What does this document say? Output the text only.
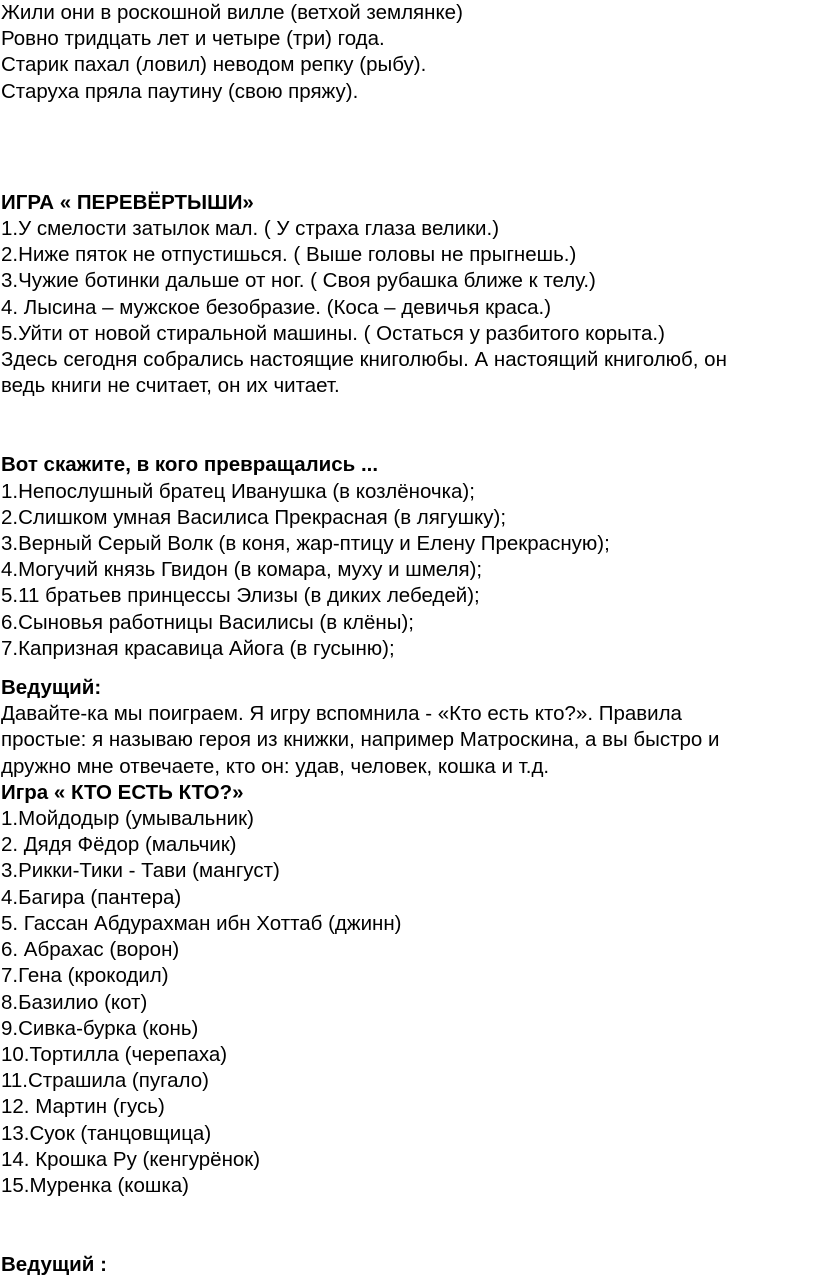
Жили они в роскошной вилле (ветхой землянке)
Ровно тридцать лет и четыре (три) года.
Старик пахал (ловил) неводом репку (рыбу).
Старуха пряла паутину (свою пряжу).
ИГРА « ПЕРЕВЁРТЫШИ»
1.У смелости затылок мал. ( У страха глаза велики.)
2.Ниже пяток не отпустишься. ( Выше головы не прыгнешь.)
3.Чужие ботинки дальше от ног. ( Своя рубашка ближе к телу.)
4. Лысина – мужское безобразие. (Коса – девичья краса.)
5.Уйти от новой стиральной машины. ( Остаться у разбитого корыта.)
Здесь сегодня собрались настоящие книголюбы. А настоящий книголюб, он
ведь книги не считает, он их читает.
Вот скажите, в кого превращались ...
1.Непослушный братец Иванушка (в козлёночка);
2.Слишком умная Василиса Прекрасная (в лягушку);
3.Верный Серый Волк (в коня, жар-птицу и Елену Прекрасную);
4.Могучий князь Гвидон (в комара, муху и шмеля);
5.11 братьев принцессы Элизы (в диких лебедей);
6.Сыновья работницы Василисы (в клёны);
7.Капризная красавица Айога (в гусыню);
Ведущий:
Давайте-ка мы поиграем. Я игру вспомнила - «Кто есть кто?». Правила
простые: я называю героя из книжки, например Матроскина, а вы быстро и
дружно мне отвечаете, кто он: удав, человек, кошка и т.д.
Игра « КТО ЕСТЬ КТО?»
1.Мойдодыр (умывальник)
2. Дядя Фёдор (мальчик)
3.Рикки-Тики - Тави (мангуст)
4.Багира (пантера)
5. Гассан Абдурахман ибн Хоттаб (джинн)
6. Абрахас (ворон)
7.Гена (крокодил)
8.Базилио (кот)
9.Сивка-бурка (конь)
10.Тортилла (черепаха)
11.Страшила (пугало)
12. Мартин (гусь)
13.Суок (танцовщица)
14. Крошка Ру (кенгурёнок)
15.Муренка (кошка)
Ведущий :
